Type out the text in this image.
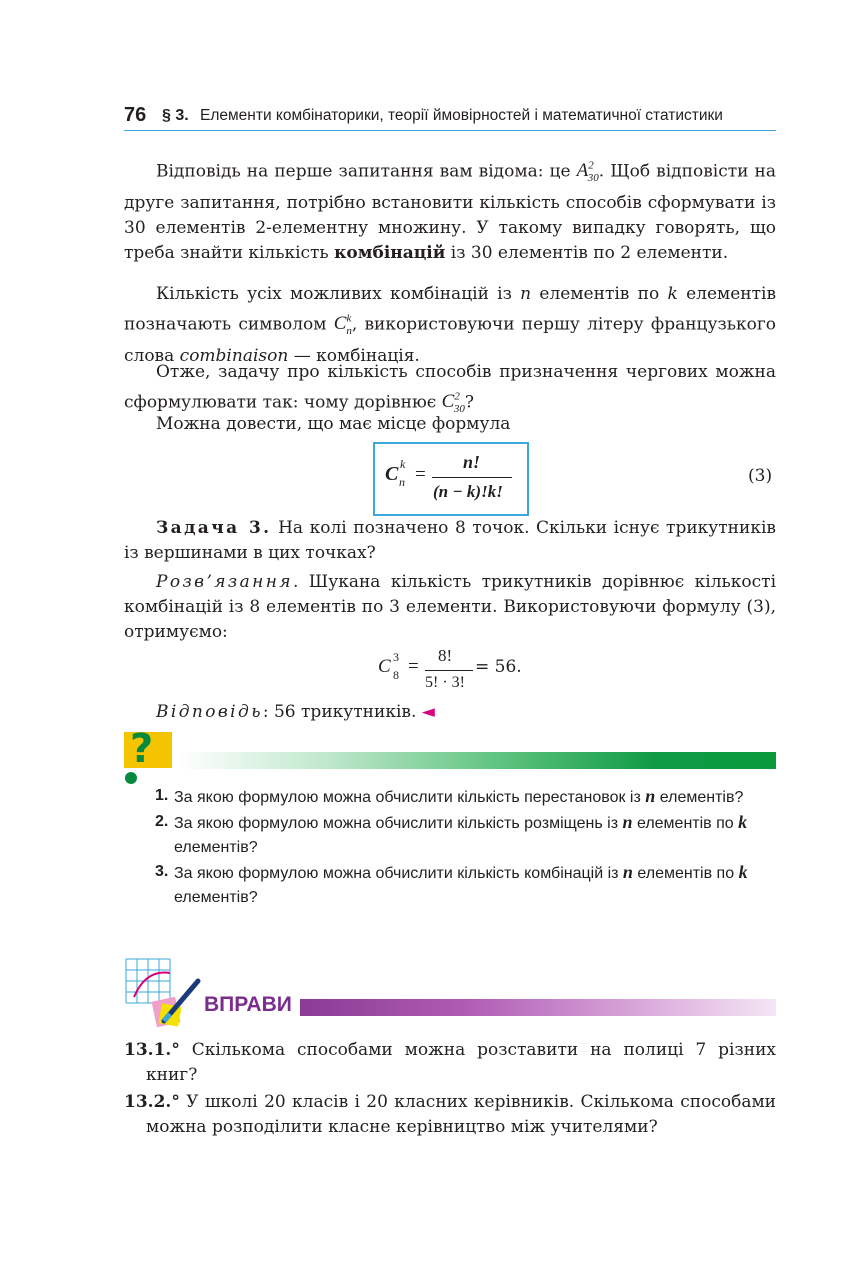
76 § 3. Елементи комбінаторики, теорії ймовірностей і математичної статистики
Відповідь на перше запитання вам відома: це $A^2_{30}$. Щоб відповісти на друге запитання, потрібно встановити кількість способів сформувати із 30 елементів 2-елементну множину. У такому випадку говорять, що треба знайти кількість комбінацій із 30 елементів по 2 елементи.
Кількість усіх можливих комбінацій із n елементів по k елементів позначають символом $C^k_n$, використовуючи першу літеру французького слова combinaison — комбінація.
Отже, задачу про кількість способів призначення чергових можна сформулювати так: чому дорівнює $C^2_{30}$?
Можна довести, що має місце формула
C k
n =
n!
(n − k)!k!
(3)
Задача 3. На колі позначено 8 точок. Скільки існує трикутників із вершинами в цих точках?
Розв’язання. Шукана кількість трикутників дорівнює кількості комбінацій із 8 елементів по 3 елементи. Використовуючи формулу (3), отримуємо:
C 3
8 =
8!
5! · 3!
= 56.
Відповідь: 56 трикутників. ◄
?
1. За якою формулою можна обчислити кількість перестановок із n елементів?
2. За якою формулою можна обчислити кількість розміщень із n елементів по k елементів?
3. За якою формулою можна обчислити кількість комбінацій із n елементів по k елементів?
ВПРАВИ
13.1.° Скількома способами можна розставити на полиці 7 різних книг?
13.2.° У школі 20 класів і 20 класних керівників. Скількома способами можна розподілити класне керівництво між учителями?
